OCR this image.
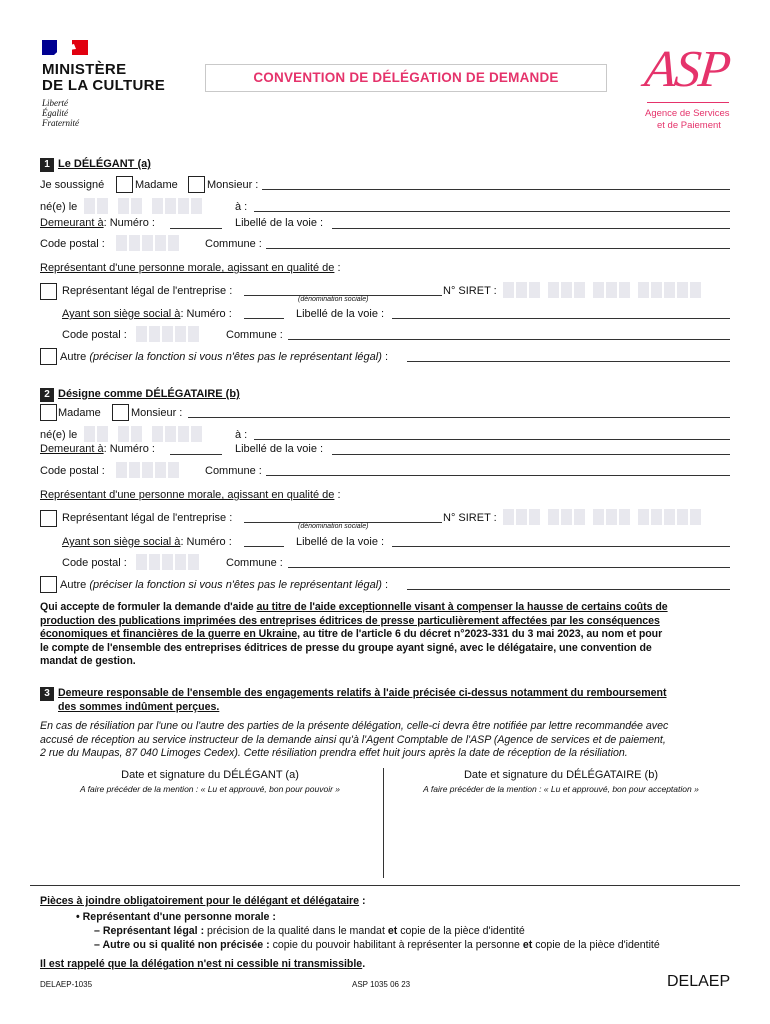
MINISTÈRE
DE LA CULTURE
Liberté
Égalité
Fraternité
CONVENTION DE DÉLÉGATION DE DEMANDE	ASP
Agence de Services
et de Paiement
1 Le DÉLÉGANT (a)
Je soussigné	Madame	Monsieur :
né(e) le	à :
Demeurant à: Numéro :	Libellé de la voie :
Code postal :	Commune :
Représentant d'une personne morale, agissant en qualité de :
Représentant légal de l'entreprise :
(dénomination sociale)
N° SIRET :
Ayant son siège social à: Numéro :	Libellé de la voie :
Code postal :	Commune :
Autre (préciser la fonction si vous n'êtes pas le représentant légal) :
2 Désigne comme DÉLÉGATAIRE (b)
Madame	Monsieur :
né(e) le	à :
Demeurant à: Numéro :	Libellé de la voie :
Code postal :	Commune :
Représentant d'une personne morale, agissant en qualité de :
Représentant légal de l'entreprise :
(dénomination sociale)
N° SIRET :
Ayant son siège social à: Numéro :	Libellé de la voie :
Code postal :	Commune :
Autre (préciser la fonction si vous n'êtes pas le représentant légal) :
Qui accepte de formuler la demande d'aide au titre de l'aide exceptionnelle visant à compenser la hausse de certains coûts de
production des publications imprimées des entreprises éditrices de presse particulièrement affectées par les conséquences
économiques et financières de la guerre en Ukraine, au titre de l'article 6 du décret n°2023-331 du 3 mai 2023, au nom et pour
le compte de l'ensemble des entreprises éditrices de presse du groupe ayant signé, avec le délégataire, une convention de
mandat de gestion.
3 Demeure responsable de l'ensemble des engagements relatifs à l'aide précisée ci-dessus notamment du remboursement
des sommes indûment perçues.
En cas de résiliation par l'une ou l'autre des parties de la présente délégation, celle-ci devra être notifiée par lettre recommandée avec
accusé de réception au service instructeur de la demande ainsi qu'à l'Agent Comptable de l'ASP (Agence de services et de paiement,
2 rue du Maupas, 87 040 Limoges Cedex). Cette résiliation prendra effet huit jours après la date de réception de la résiliation.
Date et signature du DÉLÉGANT (a)
A faire précéder de la mention : « Lu et approuvé, bon pour pouvoir »
Date et signature du DÉLÉGATAIRE (b)
A faire précéder de la mention : « Lu et approuvé, bon pour acceptation »
Pièces à joindre obligatoirement pour le délégant et délégataire :
• Représentant d'une personne morale :
– Représentant légal : précision de la qualité dans le mandat et copie de la pièce d'identité
– Autre ou si qualité non précisée : copie du pouvoir habilitant à représenter la personne et copie de la pièce d'identité
Il est rappelé que la délégation n'est ni cessible ni transmissible.
DELAEP-1035	ASP 1035 06 23	DELAEP
